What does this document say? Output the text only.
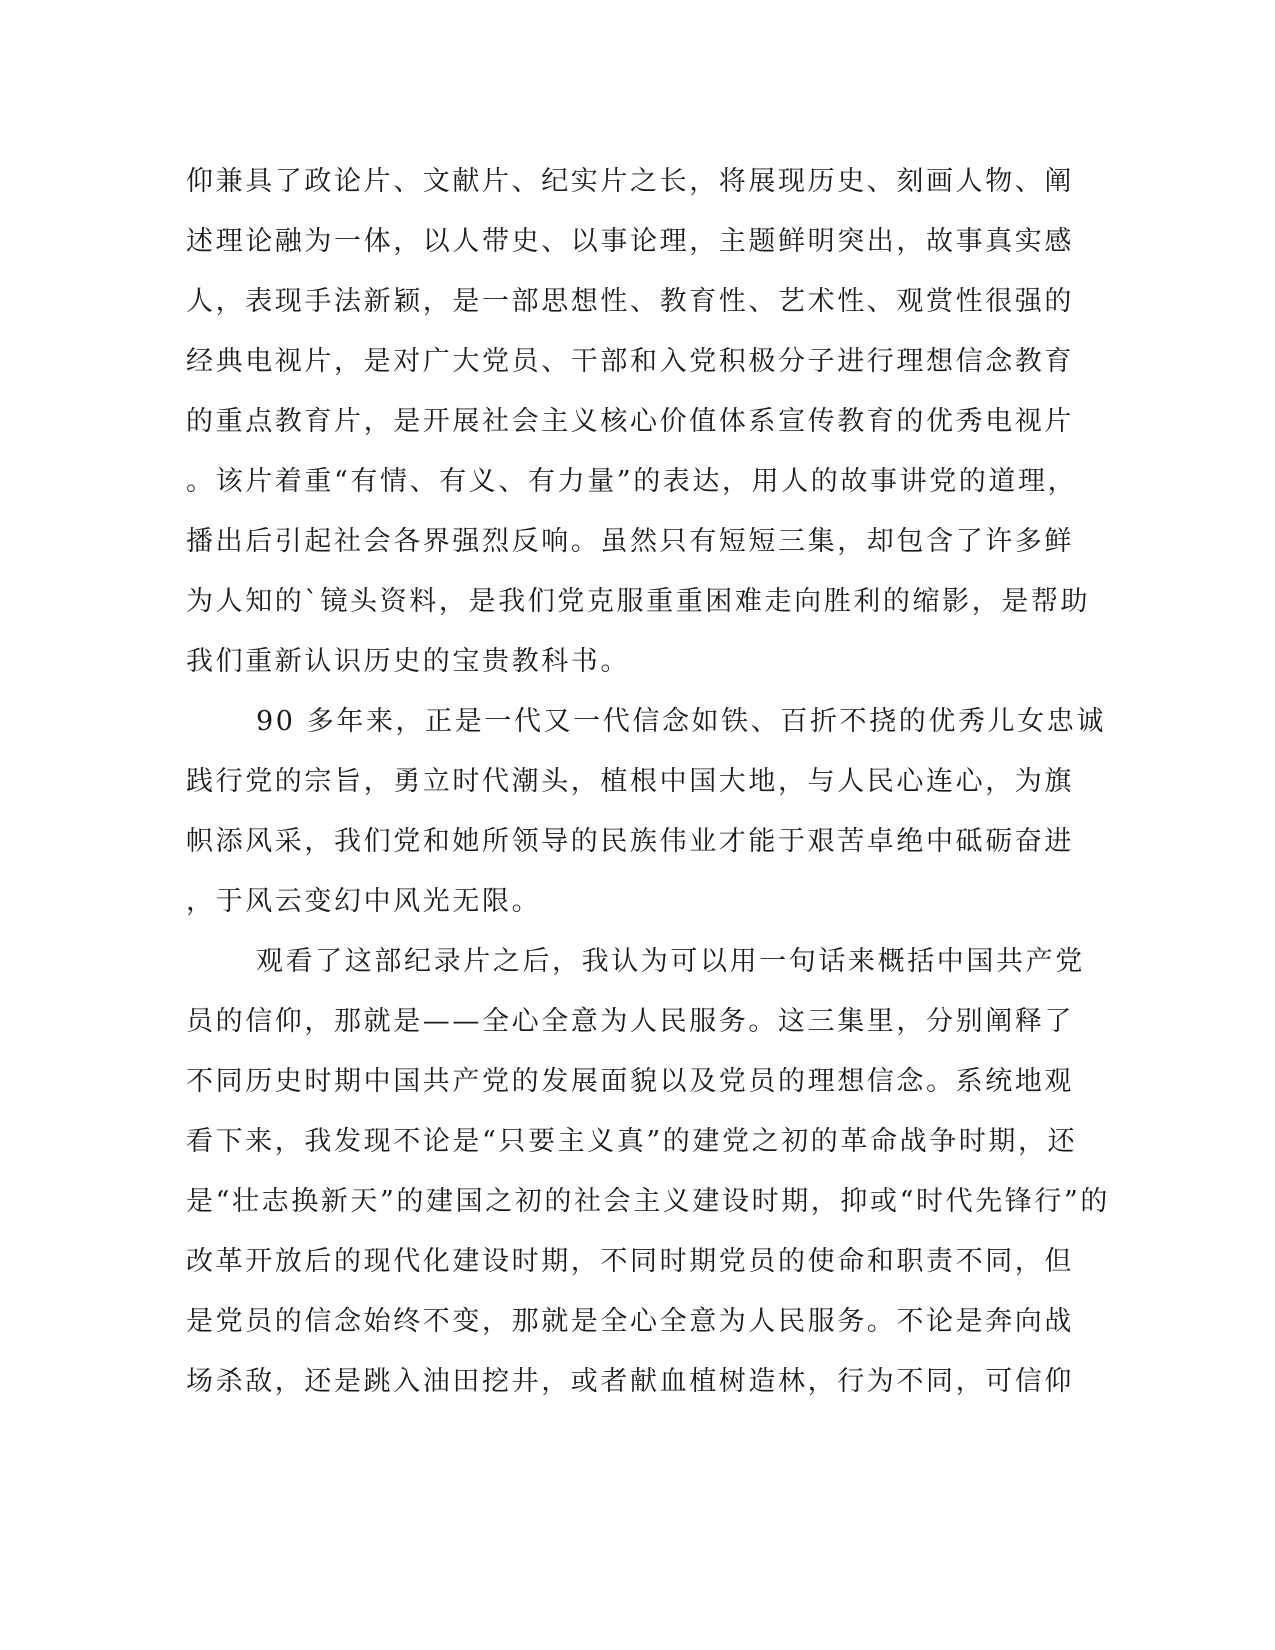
仰兼具了政论片、文献片、纪实片之长，将展现历史、刻画人物、阐
述理论融为一体，以人带史、以事论理，主题鲜明突出，故事真实感
人，表现手法新颖，是一部思想性、教育性、艺术性、观赏性很强的
经典电视片，是对广大党员、干部和入党积极分子进行理想信念教育
的重点教育片，是开展社会主义核心价值体系宣传教育的优秀电视片
。该片着重“有情、有义、有力量”的表达，用人的故事讲党的道理，
播出后引起社会各界强烈反响。虽然只有短短三集，却包含了许多鲜
为人知的`镜头资料，是我们党克服重重困难走向胜利的缩影，是帮助
我们重新认识历史的宝贵教科书。
90 多年来，正是一代又一代信念如铁、百折不挠的优秀儿女忠诚
践行党的宗旨，勇立时代潮头，植根中国大地，与人民心连心，为旗
帜添风采，我们党和她所领导的民族伟业才能于艰苦卓绝中砥砺奋进
，于风云变幻中风光无限。
观看了这部纪录片之后，我认为可以用一句话来概括中国共产党
员的信仰，那就是——全心全意为人民服务。这三集里，分别阐释了
不同历史时期中国共产党的发展面貌以及党员的理想信念。系统地观
看下来，我发现不论是“只要主义真”的建党之初的革命战争时期，还
是“壮志换新天”的建国之初的社会主义建设时期，抑或“时代先锋行”的
改革开放后的现代化建设时期，不同时期党员的使命和职责不同，但
是党员的信念始终不变，那就是全心全意为人民服务。不论是奔向战
场杀敌，还是跳入油田挖井，或者献血植树造林，行为不同，可信仰
